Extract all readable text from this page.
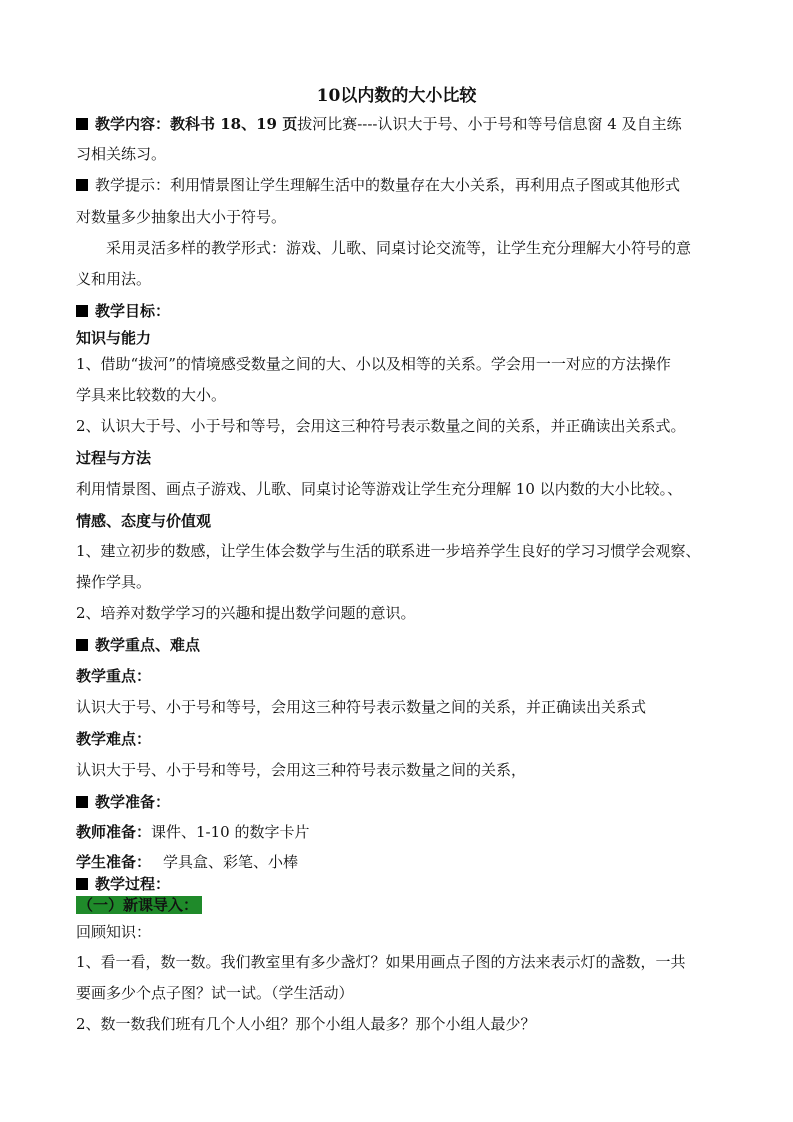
10以内数的大小比较
教学内容：教科书 18、19 页拔河比赛----认识大于号、小于号和等号信息窗 4 及自主练
习相关练习。
教学提示：利用情景图让学生理解生活中的数量存在大小关系，再利用点子图或其他形式
对数量多少抽象出大小于符号。
采用灵活多样的教学形式：游戏、儿歌、同桌讨论交流等，让学生充分理解大小符号的意
义和用法。
教学目标：
知识与能力
1、借助“拔河”的情境感受数量之间的大、小以及相等的关系。学会用一一对应的方法操作
学具来比较数的大小。
2、认识大于号、小于号和等号，会用这三种符号表示数量之间的关系，并正确读出关系式。
过程与方法
利用情景图、画点子游戏、儿歌、同桌讨论等游戏让学生充分理解 10 以内数的大小比较。、
情感、态度与价值观
1、建立初步的数感，让学生体会数学与生活的联系进一步培养学生良好的学习习惯学会观察、
操作学具。
2、培养对数学学习的兴趣和提出数学问题的意识。
教学重点、难点
教学重点：
认识大于号、小于号和等号，会用这三种符号表示数量之间的关系，并正确读出关系式
教学难点：
认识大于号、小于号和等号，会用这三种符号表示数量之间的关系，
教学准备：
教师准备：课件、1-10 的数字卡片
学生准备： 学具盒、彩笔、小棒
教学过程：
（一）新课导入：
回顾知识：
1、看一看，数一数。我们教室里有多少盏灯？如果用画点子图的方法来表示灯的盏数，一共
要画多少个点子图？试一试。（学生活动）
2、数一数我们班有几个人小组？那个小组人最多？那个小组人最少？
